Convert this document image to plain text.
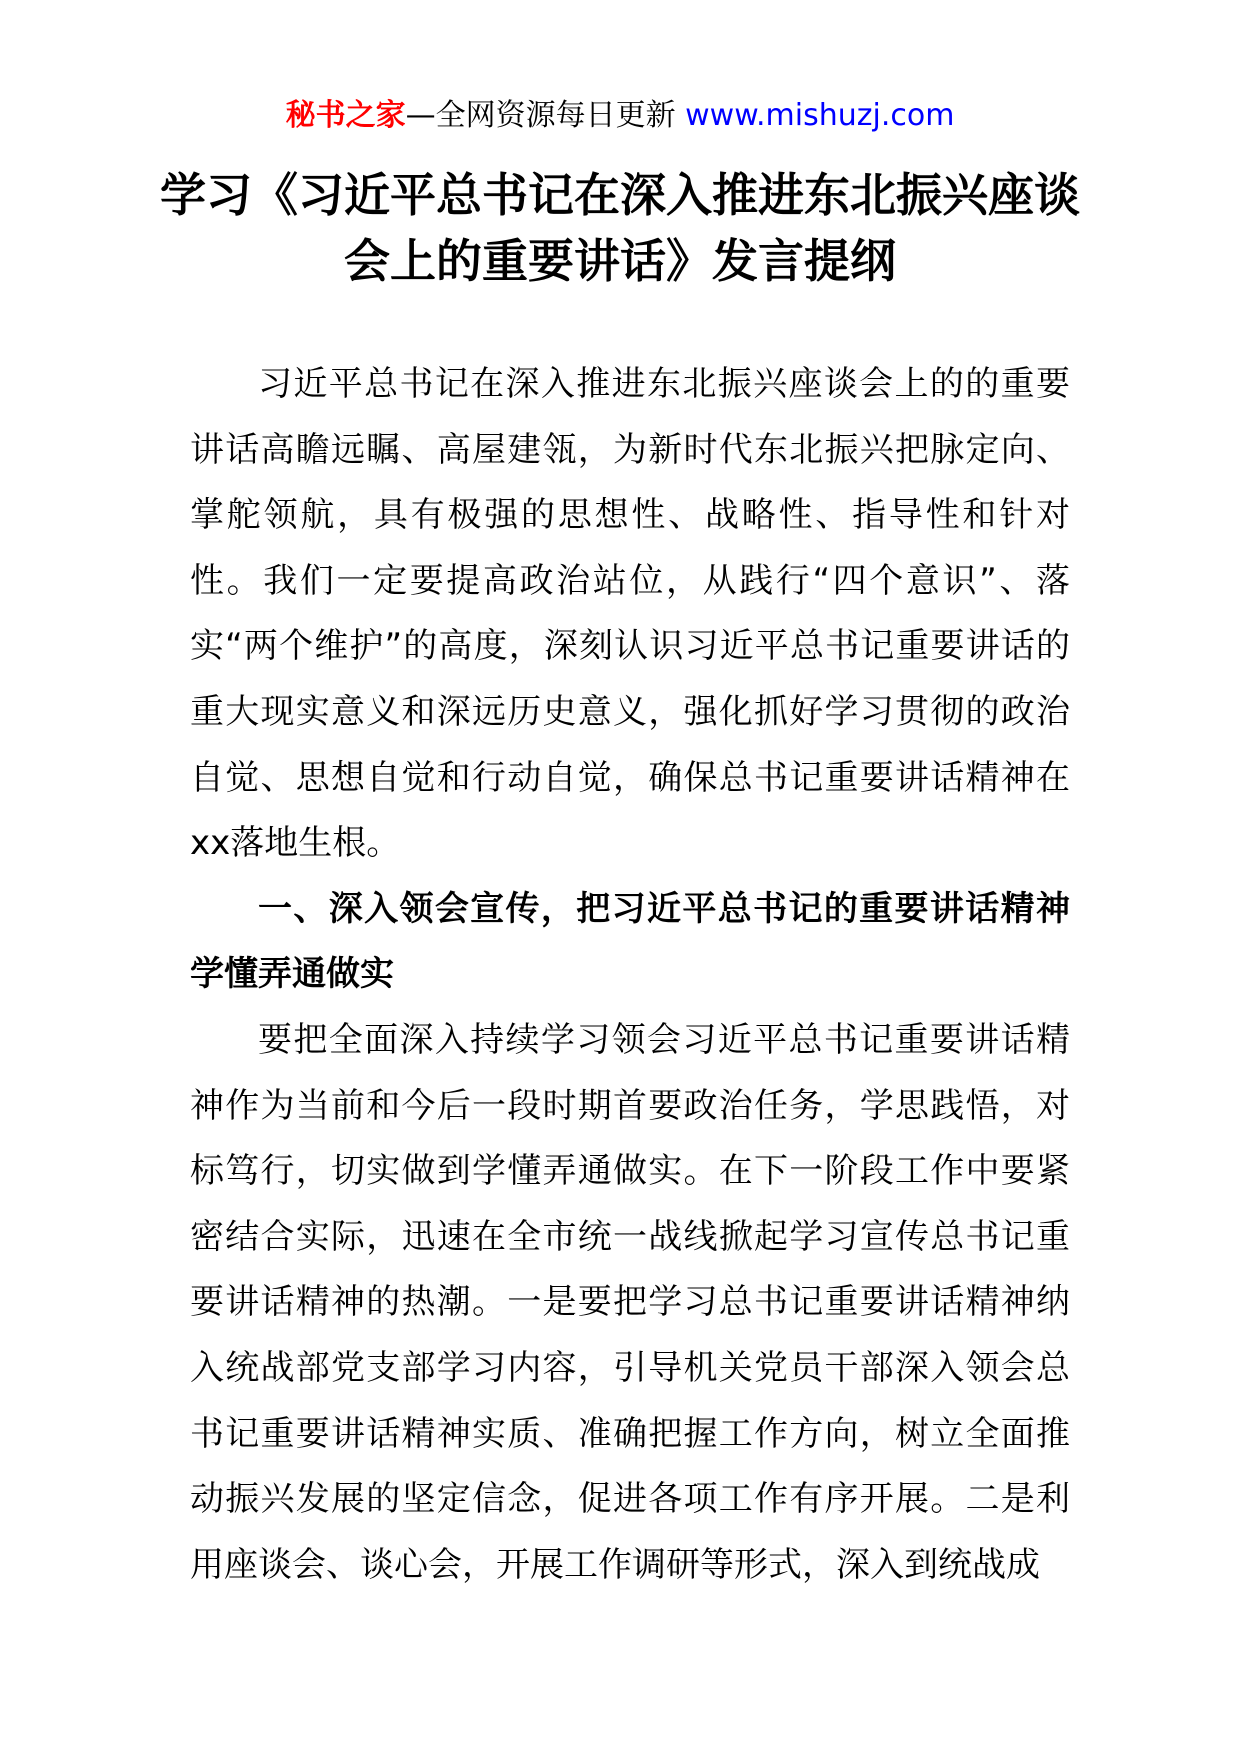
秘书之家—全网资源每日更新 www.mishuzj.com
学习《习近平总书记在深入推进东北振兴座谈会上的重要讲话》发言提纲

习近平总书记在深入推进东北振兴座谈会上的的重要讲话高瞻远瞩、高屋建瓴，为新时代东北振兴把脉定向、掌舵领航，具有极强的思想性、战略性、指导性和针对性。我们一定要提高政治站位，从践行“四个意识”、落实“两个维护”的高度，深刻认识习近平总书记重要讲话的重大现实意义和深远历史意义，强化抓好学习贯彻的政治自觉、思想自觉和行动自觉，确保总书记重要讲话精神在xx落地生根。

一、深入领会宣传，把习近平总书记的重要讲话精神学懂弄通做实

要把全面深入持续学习领会习近平总书记重要讲话精神作为当前和今后一段时期首要政治任务，学思践悟，对标笃行，切实做到学懂弄通做实。在下一阶段工作中要紧密结合实际，迅速在全市统一战线掀起学习宣传总书记重要讲话精神的热潮。一是要把学习总书记重要讲话精神纳入统战部党支部学习内容，引导机关党员干部深入领会总书记重要讲话精神实质、准确把握工作方向，树立全面推动振兴发展的坚定信念，促进各项工作有序开展。二是利用座谈会、谈心会，开展工作调研等形式，深入到统战成
